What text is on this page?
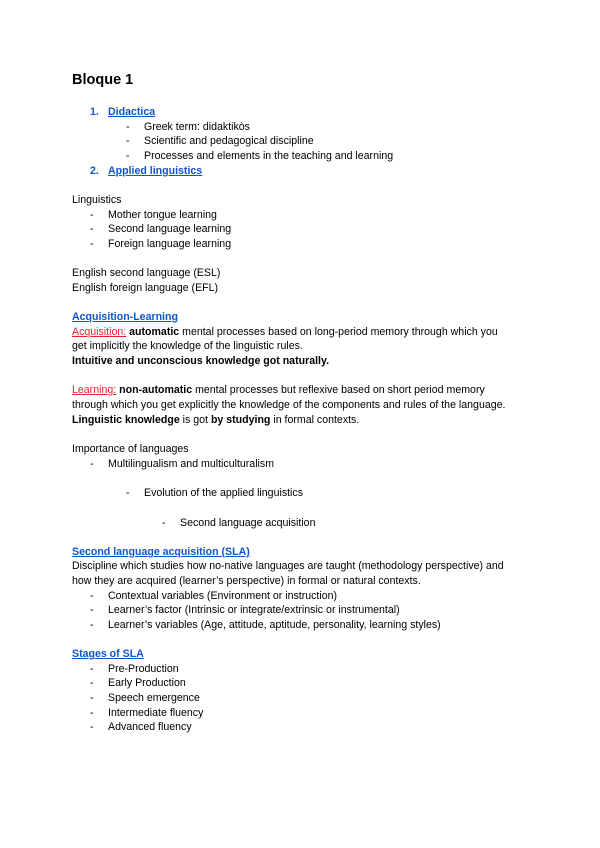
Bloque 1
1. Didactica
- Greek term: didaktikòs
- Scientific and pedagogical discipline
- Processes and elements in the teaching and learning
2. Applied linguistics
Linguistics
- Mother tongue learning
- Second language learning
- Foreign language learning
English second language (ESL)
English foreign language (EFL)
Acquisition-Learning
Acquisition: automatic mental processes based on long-period memory through which you
get implicitly the knowledge of the linguistic rules.
Intuitive and unconscious knowledge got naturally.
Learning: non-automatic mental processes but reflexive based on short period memory
through which you get explicitly the knowledge of the components and rules of the language.
Linguistic knowledge is got by studying in formal contexts.
Importance of languages
- Multilingualism and multiculturalism
- Evolution of the applied linguistics
- Second language acquisition
Second language acquisition (SLA)
Discipline which studies how no-native languages are taught (methodology perspective) and
how they are acquired (learner’s perspective) in formal or natural contexts.
- Contextual variables (Environment or instruction)
- Learner’s factor (Intrinsic or integrate/extrinsic or instrumental)
- Learner’s variables (Age, attitude, aptitude, personality, learning styles)
Stages of SLA
- Pre-Production
- Early Production
- Speech emergence
- Intermediate fluency
- Advanced fluency
